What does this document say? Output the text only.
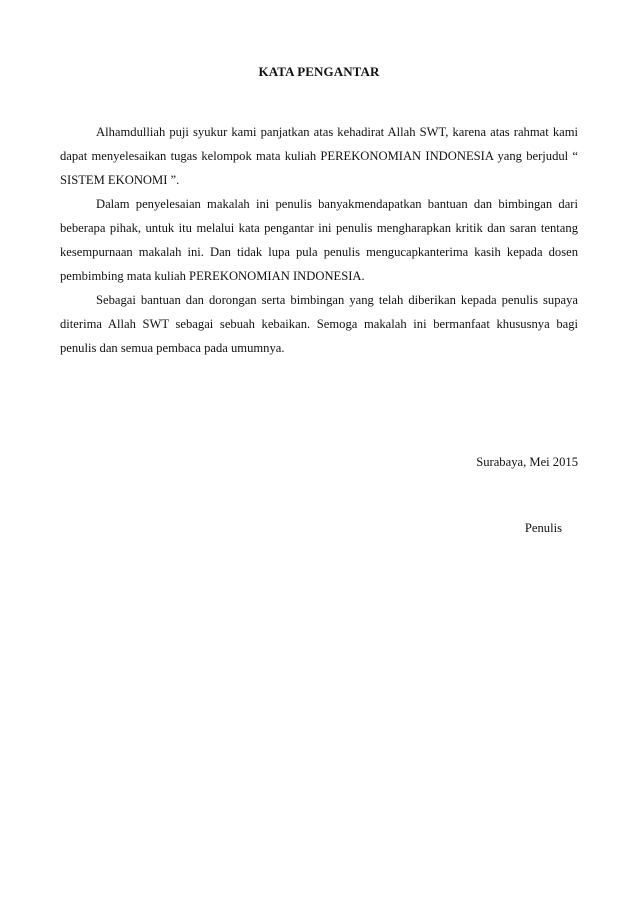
KATA PENGANTAR

Alhamdulliah puji syukur kami panjatkan atas kehadirat Allah SWT, karena atas rahmat kami dapat menyelesaikan tugas kelompok mata kuliah PEREKONOMIAN INDONESIA yang berjudul “ SISTEM EKONOMI ”.

Dalam penyelesaian makalah ini penulis banyakmendapatkan bantuan dan bimbingan dari beberapa pihak, untuk itu melalui kata pengantar ini penulis mengharapkan kritik dan saran tentang kesempurnaan makalah ini. Dan tidak lupa pula penulis mengucapkanterima kasih kepada dosen pembimbing mata kuliah PEREKONOMIAN INDONESIA.

Sebagai bantuan dan dorongan serta bimbingan yang telah diberikan kepada penulis supaya diterima Allah SWT sebagai sebuah kebaikan. Semoga makalah ini bermanfaat khususnya bagi penulis dan semua pembaca pada umumnya.

Surabaya, Mei 2015
Penulis
